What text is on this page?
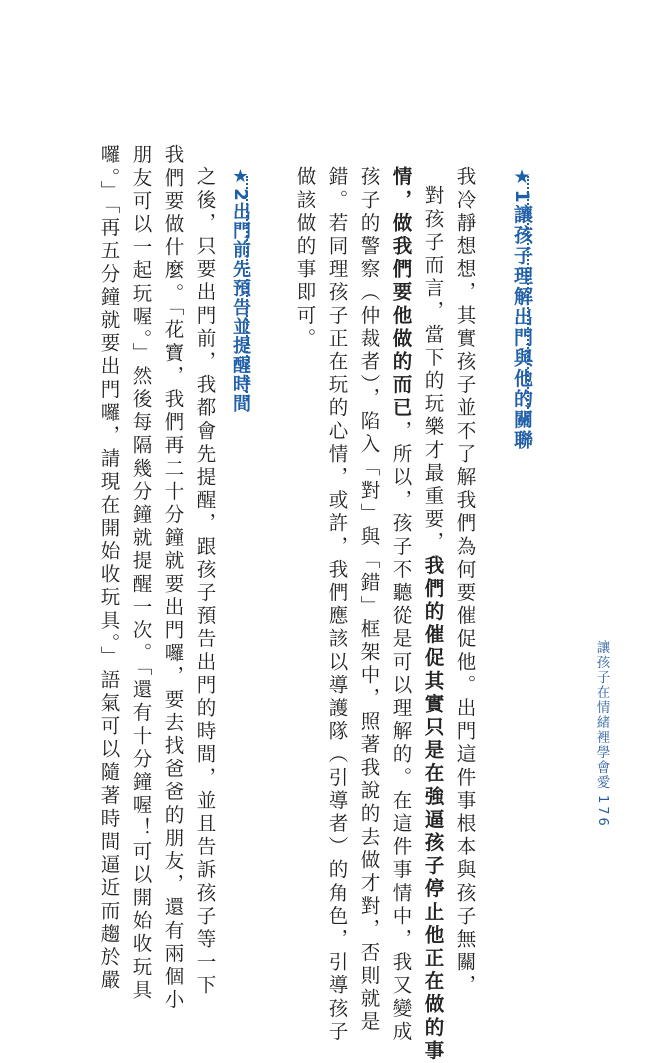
★1讓孩子理解出門與他的關聯
我冷靜想想，其實孩子並不了解我們為何要催促他。出門這件事根本與孩子無關，
對孩子而言，當下的玩樂才最重要，我們的催促其實只是在強逼孩子停止他正在做的事
情，做我們要他做的而已，所以，孩子不聽從是可以理解的。在這件事情中，我又變成
孩子的警察（仲裁者），陷入「對」與「錯」框架中，照著我說的去做才對，否則就是
錯。若同理孩子正在玩的心情，或許，我們應該以導護隊（引導者）的角色，引導孩子
做該做的事即可。
★2出門前先預告並提醒時間
之後，只要出門前，我都會先提醒，跟孩子預告出門的時間，並且告訴孩子等一下
我們要做什麼。「花寶，我們再二十分鐘就要出門囉，要去找爸爸的朋友，還有兩個小
朋友可以一起玩喔。」然後每隔幾分鐘就提醒一次。「還有十分鐘喔！可以開始收玩具
囉。」「再五分鐘就要出門囉，請現在開始收玩具。」語氣可以隨著時間逼近而趨於嚴	讓孩子在情緒裡學會愛
176
